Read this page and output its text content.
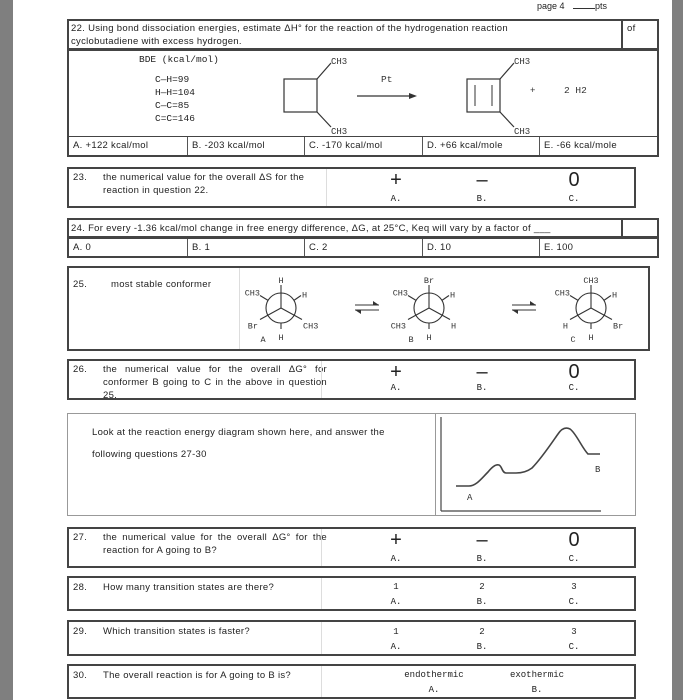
page 4	pts
22. Using bond dissociation energies, estimate ΔH° for the reaction of the hydrogenation reaction
cyclobutadiene with excess hydrogen.
of
BDE (kcal/mol)
C—H=99
H—H=104
C—C=85
C=C=146
CH3
CH3
Pt
CH3
CH3
+	2 H2
A. +122 kcal/mol	B. -203 kcal/mol	C. -170 kcal/mol	D. +66 kcal/mole	E. -66 kcal/mole
23. the numerical value for the overall ΔS for the reaction in question 22.	+	–	0
A.	B.	C.
24. For every -1.36 kcal/mol change in free energy difference, ΔG, at 25°C, Keq will vary by a factor of ___
A. 0	B. 1	C. 2	D. 10	E. 100
25.	most stable conformer	H
Br	CH3
CH3	H
H
A
Br
CH3	H
CH3	H
H
B
CH3
H	Br
CH3	H
H
C
26. the numerical value for the overall ΔG° for conformer B going to C in the above in question 25.
+	–	0
A.	B.	C.
Look at the reaction energy diagram shown here, and answer the
following questions 27-30
A
B
27. the numerical value for the overall ΔG° for the reaction for A going to B?	+	–	0
A.	B.	C.
28. How many transition states are there?	1	2	3
A.	B.	C.
29. Which transition states is faster?	1	2	3
A.	B.	C.
30. The overall reaction is for A going to B is?	endothermic	exothermic
A.	B.
